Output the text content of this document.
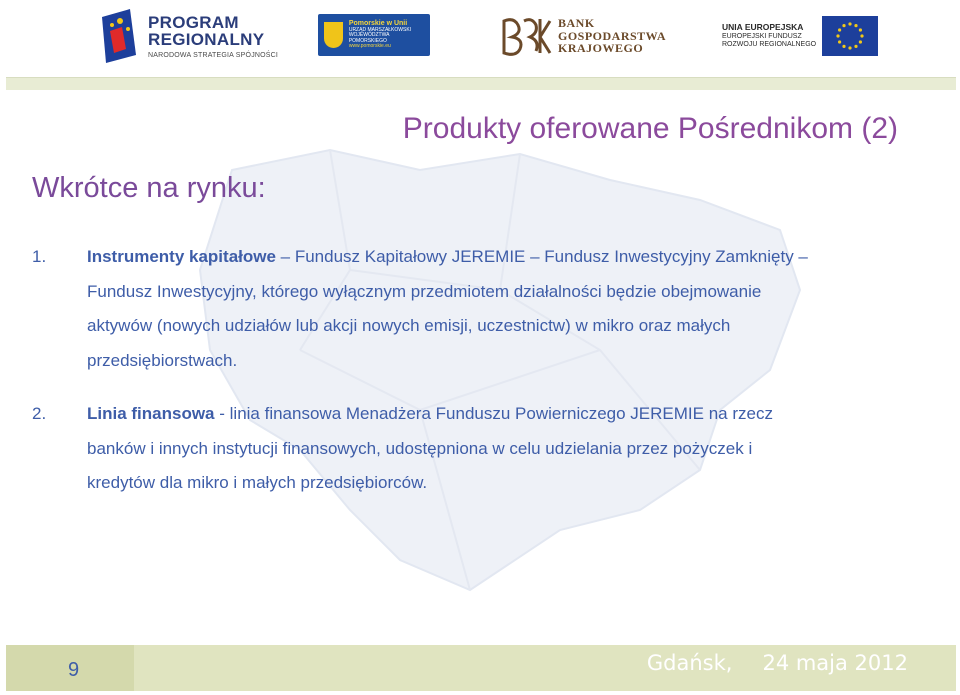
PROGRAM
REGIONALNY
NARODOWA STRATEGIA SPÓJNOŚCI
Pomorskie w Unii
URZĄD MARSZAŁKOWSKI
WOJEWÓDZTWA POMORSKIEGO
www.pomorskie.eu
BANK
GOSPODARSTWA
KRAJOWEGO
UNIA EUROPEJSKA
EUROPEJSKI FUNDUSZ
ROZWOJU REGIONALNEGO
Produkty oferowane Pośrednikom (2)
Wkrótce na rynku:
1. Instrumenty kapitałowe – Fundusz Kapitałowy JEREMIE – Fundusz Inwestycyjny Zamknięty – Fundusz Inwestycyjny, którego wyłącznym przedmiotem działalności będzie obejmowanie aktywów (nowych udziałów lub akcji nowych emisji, uczestnictw) w mikro oraz małych przedsiębiorstwach.
2. Linia finansowa - linia finansowa Menadżera Funduszu Powierniczego JEREMIE na rzecz banków i innych instytucji finansowych, udostępniona w celu udzielania przez pożyczek i kredytów dla mikro i małych przedsiębiorców.
9	Gdańsk, 24 maja 2012
